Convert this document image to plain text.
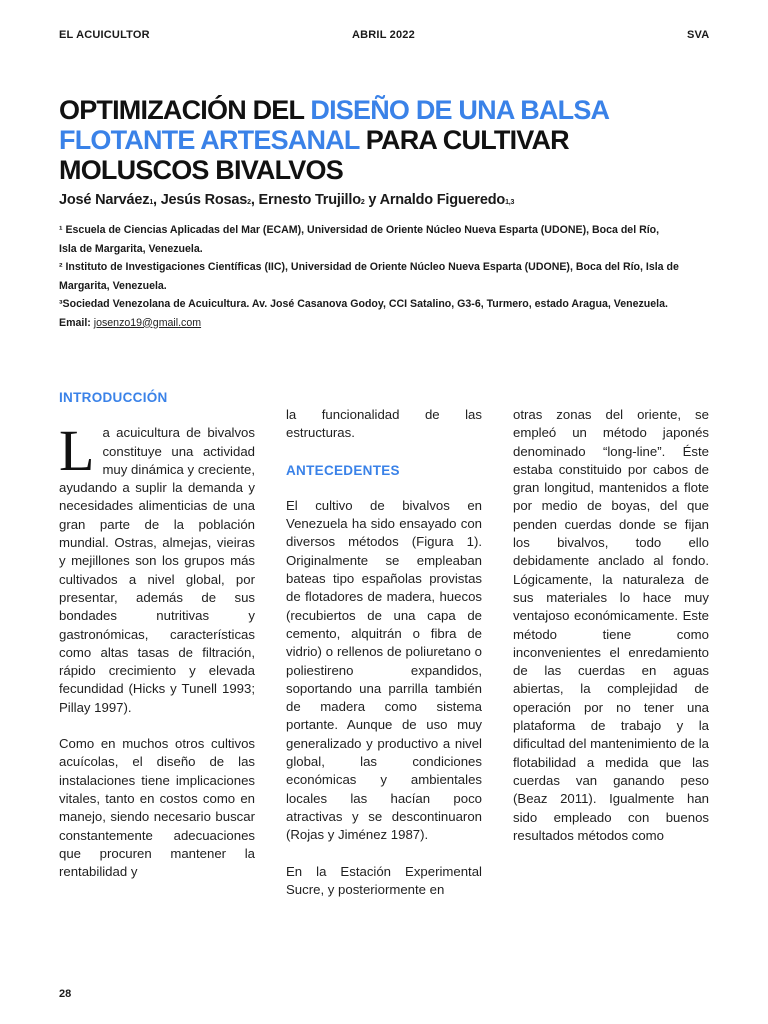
EL ACUICULTOR	ABRIL 2022	SVA
OPTIMIZACIÓN DEL DISEÑO DE UNA BALSA FLOTANTE ARTESANAL PARA CULTIVAR MOLUSCOS BIVALVOS
José Narváez1, Jesús Rosas2, Ernesto Trujillo2 y Arnaldo Figueredo1,3

¹ Escuela de Ciencias Aplicadas del Mar (ECAM), Universidad de Oriente Núcleo Nueva Esparta (UDONE), Boca del Río, Isla de Margarita, Venezuela.

² Instituto de Investigaciones Científicas (IIC), Universidad de Oriente Núcleo Nueva Esparta (UDONE), Boca del Río, Isla de Margarita, Venezuela.

³Sociedad Venezolana de Acuicultura. Av. José Casanova Godoy, CCI Satalino, G3-6, Turmero, estado Aragua, Venezuela.

Email: josenzo19@gmail.com

INTRODUCCIÓN

La acuicultura de bivalvos constituye una actividad muy dinámica y creciente, ayudando a suplir la demanda y necesidades alimenticias de una gran parte de la población mundial. Ostras, almejas, vieiras y mejillones son los grupos más cultivados a nivel global, por presentar, además de sus bondades nutritivas y gastronómicas, características como altas tasas de filtración, rápido crecimiento y elevada fecundidad (Hicks y Tunell 1993; Pillay 1997).

Como en muchos otros cultivos acuícolas, el diseño de las instalaciones tiene implicaciones vitales, tanto en costos como en manejo, siendo necesario buscar constantemente adecuaciones que procuren mantener la rentabilidad y

la funcionalidad de las estructuras.

ANTECEDENTES

El cultivo de bivalvos en Venezuela ha sido ensayado con diversos métodos (Figura 1). Originalmente se empleaban bateas tipo españolas provistas de flotadores de madera, huecos (recubiertos de una capa de cemento, alquitrán o fibra de vidrio) o rellenos de poliuretano o poliestireno expandidos, soportando una parrilla también de madera como sistema portante. Aunque de uso muy generalizado y productivo a nivel global, las condiciones económicas y ambientales locales las hacían poco atractivas y se descontinuaron (Rojas y Jiménez 1987).

En la Estación Experimental Sucre, y posteriormente en

otras zonas del oriente, se empleó un método japonés denominado “long-line”. Éste estaba constituido por cabos de gran longitud, mantenidos a flote por medio de boyas, del que penden cuerdas donde se fijan los bivalvos, todo ello debidamente anclado al fondo. Lógicamente, la naturaleza de sus materiales lo hace muy ventajoso económicamente. Este método tiene como inconvenientes el enredamiento de las cuerdas en aguas abiertas, la complejidad de operación por no tener una plataforma de trabajo y la dificultad del mantenimiento de la flotabilidad a medida que las cuerdas van ganando peso (Beaz 2011). Igualmente han sido empleado con buenos resultados métodos como

28
